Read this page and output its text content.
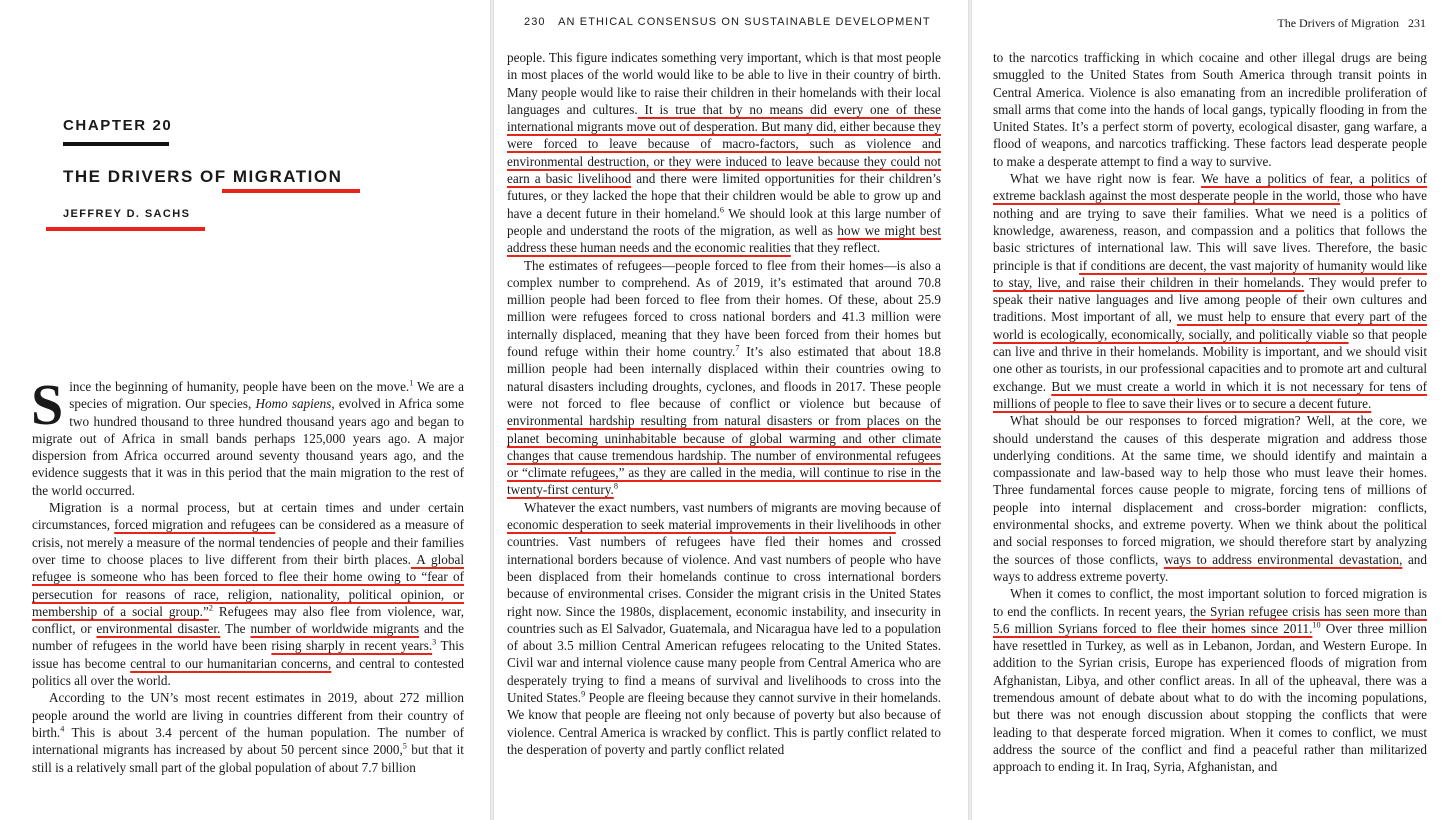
CHAPTER 20
THE DRIVERS OF MIGRATION
JEFFREY D. SACHS

Since the beginning of humanity, people have been on the move.$^1$ We are a species of migration. Our species, Homo sapiens, evolved in Africa some two hundred thousand to three hundred thousand years ago and began to migrate out of Africa in small bands perhaps 125,000 years ago. A major dispersion from Africa occurred around seventy thousand years ago, and the evidence suggests that it was in this period that the main migration to the rest of the world occurred.

Migration is a normal process, but at certain times and under certain circumstances, forced migration and refugees can be considered as a measure of crisis, not merely a measure of the normal tendencies of people and their families over time to choose places to live different from their birth places. A global refugee is someone who has been forced to flee their home owing to “fear of persecution for reasons of race, religion, nationality, political opinion, or membership of a social group.”$^2$ Refugees may also flee from violence, war, conflict, or environmental disaster. The number of worldwide migrants and the number of refugees in the world have been rising sharply in recent years.$^3$ This issue has become central to our humanitarian concerns, and central to contested politics all over the world.

According to the UN’s most recent estimates in 2019, about 272 million people around the world are living in countries different from their country of birth.$^4$ This is about 3.4 percent of the human population. The number of international migrants has increased by about 50 percent since 2000,$^5$ but that it still is a relatively small part of the global population of about 7.7 billion

230 AN ETHICAL CONSENSUS ON SUSTAINABLE DEVELOPMENT

people. This figure indicates something very important, which is that most people in most places of the world would like to be able to live in their country of birth. Many people would like to raise their children in their homelands with their local languages and cultures. It is true that by no means did every one of these international migrants move out of desperation. But many did, either because they were forced to leave because of macro-factors, such as violence and environmental destruction, or they were induced to leave because they could not earn a basic livelihood and there were limited opportunities for their children’s futures, or they lacked the hope that their children would be able to grow up and have a decent future in their homeland.$^6$ We should look at this large number of people and understand the roots of the migration, as well as how we might best address these human needs and the economic realities that they reflect.

The estimates of refugees—people forced to flee from their homes—is also a complex number to comprehend. As of 2019, it’s estimated that around 70.8 million people had been forced to flee from their homes. Of these, about 25.9 million were refugees forced to cross national borders and 41.3 million were internally displaced, meaning that they have been forced from their homes but found refuge within their home country.$^7$ It’s also estimated that about 18.8 million people had been internally displaced within their countries owing to natural disasters including droughts, cyclones, and floods in 2017. These people were not forced to flee because of conflict or violence but because of environmental hardship resulting from natural disasters or from places on the planet becoming uninhabitable because of global warming and other climate changes that cause tremendous hardship. The number of environmental refugees or “climate refugees,” as they are called in the media, will continue to rise in the twenty-first century.$^8$

Whatever the exact numbers, vast numbers of migrants are moving because of economic desperation to seek material improvements in their livelihoods in other countries. Vast numbers of refugees have fled their homes and crossed international borders because of violence. And vast numbers of people who have been displaced from their homelands continue to cross international borders because of environmental crises. Consider the migrant crisis in the United States right now. Since the 1980s, displacement, economic instability, and insecurity in countries such as El Salvador, Guatemala, and Nicaragua have led to a population of about 3.5 million Central American refugees relocating to the United States. Civil war and internal violence cause many people from Central America who are desperately trying to find a means of survival and livelihoods to cross into the United States.$^9$ People are fleeing because they cannot survive in their homelands. We know that people are fleeing not only because of poverty but also because of violence. Central America is wracked by conflict. This is partly conflict related to the desperation of poverty and partly conflict related

The Drivers of Migration 231

to the narcotics trafficking in which cocaine and other illegal drugs are being smuggled to the United States from South America through transit points in Central America. Violence is also emanating from an incredible proliferation of small arms that come into the hands of local gangs, typically flooding in from the United States. It’s a perfect storm of poverty, ecological disaster, gang warfare, a flood of weapons, and narcotics trafficking. These factors lead desperate people to make a desperate attempt to find a way to survive.

What we have right now is fear. We have a politics of fear, a politics of extreme backlash against the most desperate people in the world, those who have nothing and are trying to save their families. What we need is a politics of knowledge, awareness, reason, and compassion and a politics that follows the basic strictures of international law. This will save lives. Therefore, the basic principle is that if conditions are decent, the vast majority of humanity would like to stay, live, and raise their children in their homelands. They would prefer to speak their native languages and live among people of their own cultures and traditions. Most important of all, we must help to ensure that every part of the world is ecologically, economically, socially, and politically viable so that people can live and thrive in their homelands. Mobility is important, and we should visit one other as tourists, in our professional capacities and to promote art and cultural exchange. But we must create a world in which it is not necessary for tens of millions of people to flee to save their lives or to secure a decent future.

What should be our responses to forced migration? Well, at the core, we should understand the causes of this desperate migration and address those underlying conditions. At the same time, we should identify and maintain a compassionate and law-based way to help those who must leave their homes. Three fundamental forces cause people to migrate, forcing tens of millions of people into internal displacement and cross-border migration: conflicts, environmental shocks, and extreme poverty. When we think about the political and social responses to forced migration, we should therefore start by analyzing the sources of those conflicts, ways to address environmental devastation, and ways to address extreme poverty.

When it comes to conflict, the most important solution to forced migration is to end the conflicts. In recent years, the Syrian refugee crisis has seen more than 5.6 million Syrians forced to flee their homes since 2011.10 Over three million have resettled in Turkey, as well as in Lebanon, Jordan, and Western Europe. In addition to the Syrian crisis, Europe has experienced floods of migration from Afghanistan, Libya, and other conflict areas. In all of the upheaval, there was a tremendous amount of debate about what to do with the incoming populations, but there was not enough discussion about stopping the conflicts that were leading to that desperate forced migration. When it comes to conflict, we must address the source of the conflict and find a peaceful rather than militarized approach to ending it. In Iraq, Syria, Afghanistan, and
